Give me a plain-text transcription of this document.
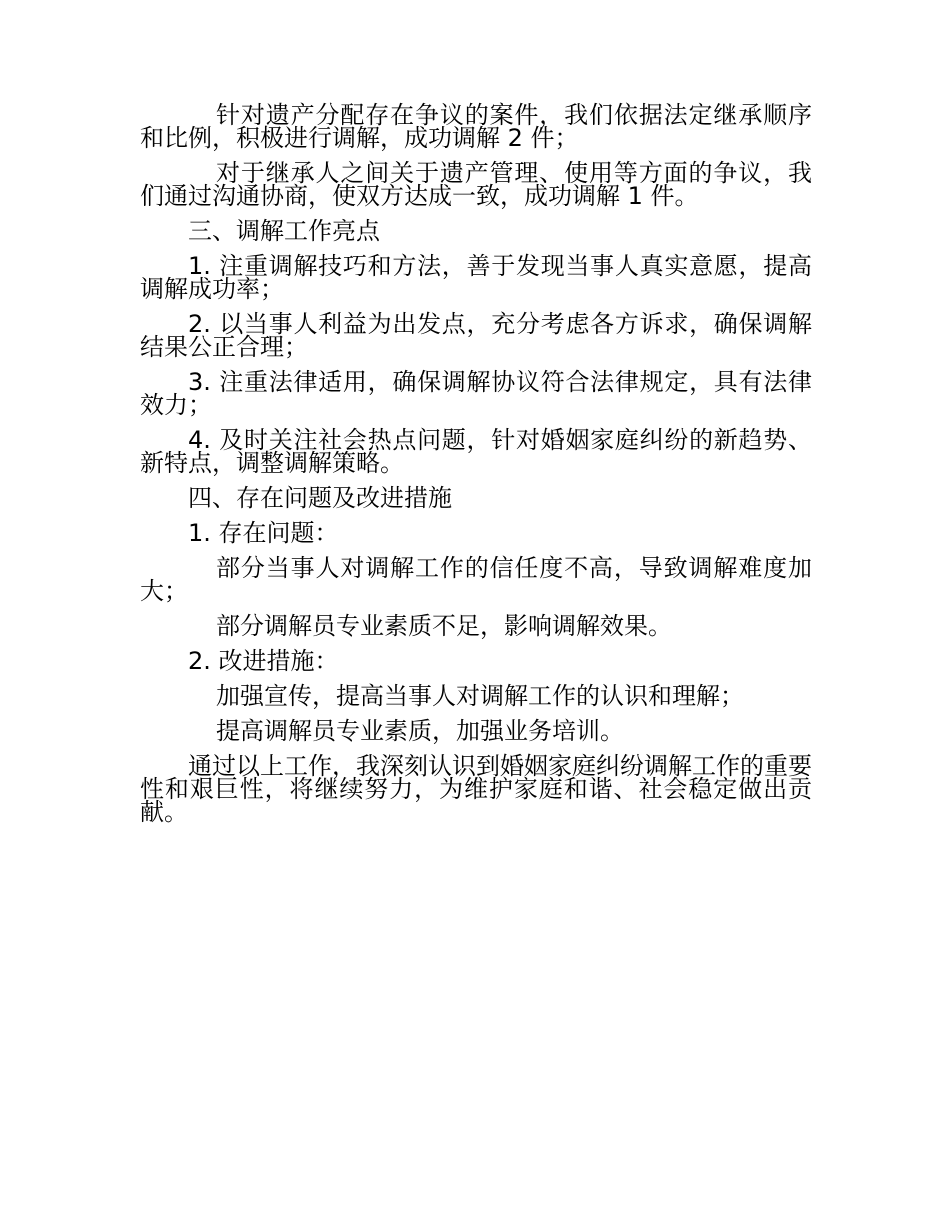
针对遗产分配存在争议的案件，我们依据法定继承顺序和比例，积极进行调解，成功调解 2 件；

对于继承人之间关于遗产管理、使用等方面的争议，我们通过沟通协商，使双方达成一致，成功调解 1 件。

三、调解工作亮点

1. 注重调解技巧和方法，善于发现当事人真实意愿，提高调解成功率；

2. 以当事人利益为出发点，充分考虑各方诉求，确保调解结果公正合理；

3. 注重法律适用，确保调解协议符合法律规定，具有法律效力；

4. 及时关注社会热点问题，针对婚姻家庭纠纷的新趋势、新特点，调整调解策略。

四、存在问题及改进措施

1. 存在问题：

部分当事人对调解工作的信任度不高，导致调解难度加大；

部分调解员专业素质不足，影响调解效果。

2. 改进措施：

加强宣传，提高当事人对调解工作的认识和理解；

提高调解员专业素质，加强业务培训。

通过以上工作，我深刻认识到婚姻家庭纠纷调解工作的重要性和艰巨性，将继续努力，为维护家庭和谐、社会稳定做出贡献。
